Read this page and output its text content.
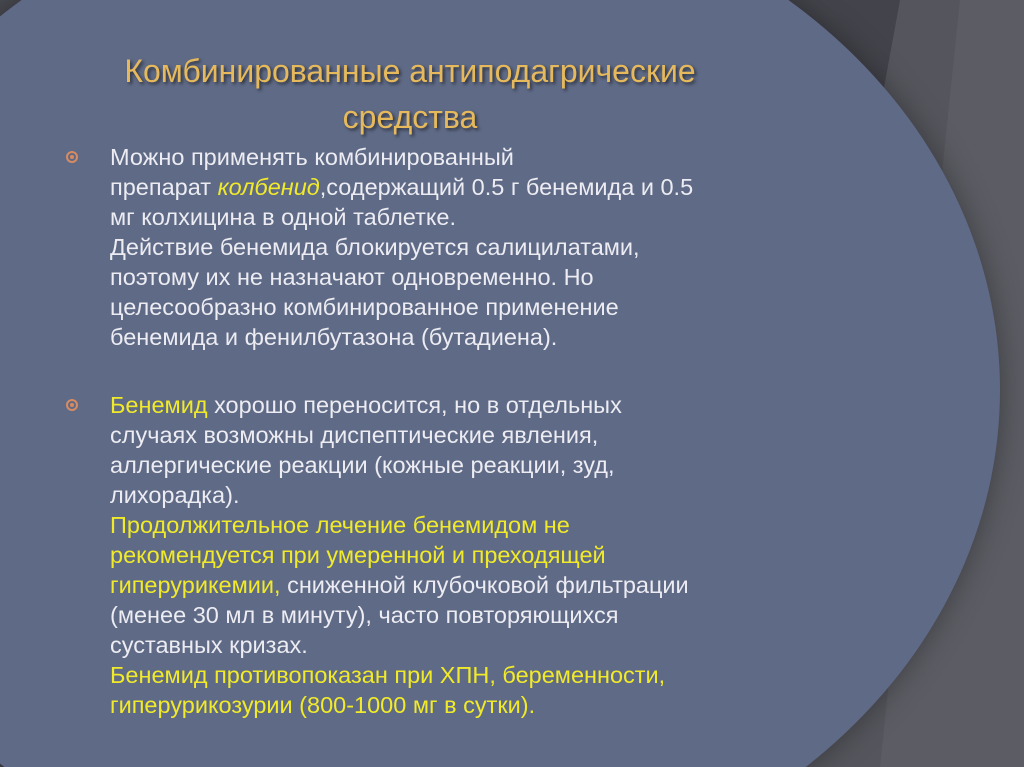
Комбинированные антиподагрические средства
Можно применять комбинированный
препарат колбенид,содержащий 0.5 г бенемида и 0.5
мг колхицина в одной таблетке.
Действие бенемида блокируется салицилатами,
поэтому их не назначают одновременно. Но
целесообразно комбинированное применение
бенемида и фенилбутазона (бутадиена).
Бенемид хорошо переносится, но в отдельных
случаях возможны диспептические явления,
аллергические реакции (кожные реакции, зуд,
лихорадка).
Продолжительное лечение бенемидом не
рекомендуется при умеренной и преходящей
гиперурикемии, сниженной клубочковой фильтрации
(менее 30 мл в минуту), часто повторяющихся
суставных кризах.
Бенемид противопоказан при ХПН, беременности,
гиперурикозурии (800-1000 мг в сутки).
